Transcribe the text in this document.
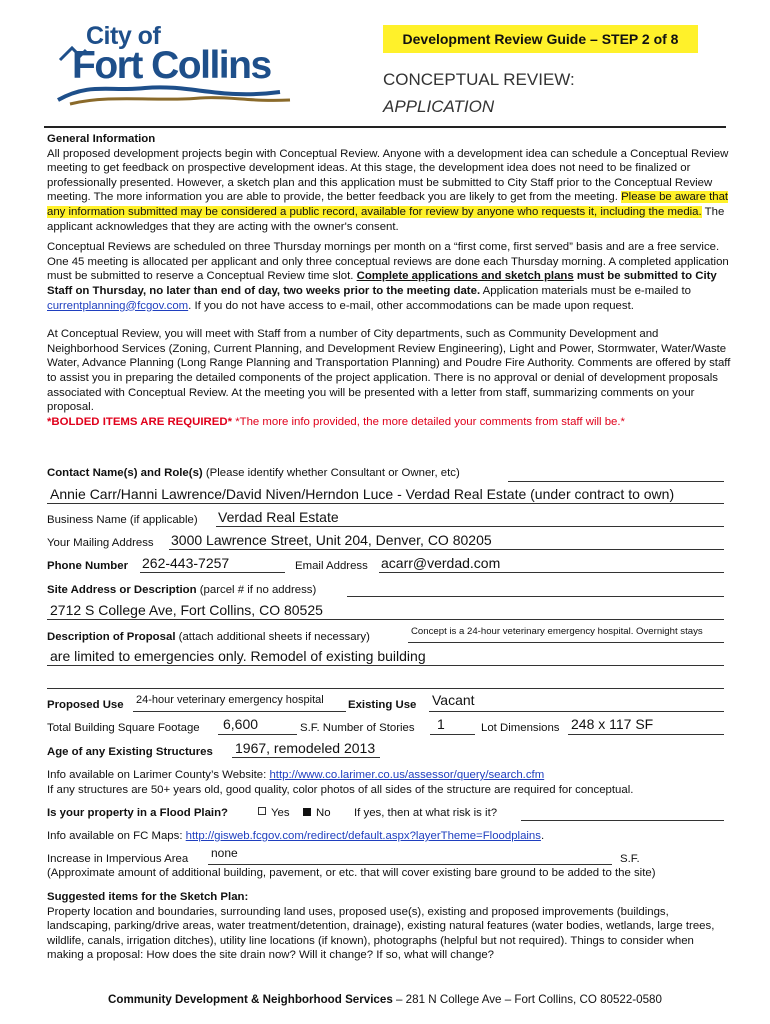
City of
Fort Collins
Development Review Guide – STEP 2 of 8
CONCEPTUAL REVIEW:
APPLICATION

General Information

All proposed development projects begin with Conceptual Review. Anyone with a development idea can schedule a Conceptual Review meeting to get feedback on prospective development ideas. At this stage, the development idea does not need to be finalized or professionally presented. However, a sketch plan and this application must be submitted to City Staff prior to the Conceptual Review meeting. The more information you are able to provide, the better feedback you are likely to get from the meeting. Please be aware that any information submitted may be considered a public record, available for review by anyone who requests it, including the media. The applicant acknowledges that they are acting with the owner's consent.

Conceptual Reviews are scheduled on three Thursday mornings per month on a “first come, first served” basis and are a free service. One 45 meeting is allocated per applicant and only three conceptual reviews are done each Thursday morning. A completed application must be submitted to reserve a Conceptual Review time slot. Complete applications and sketch plans must be submitted to City Staff on Thursday, no later than end of day, two weeks prior to the meeting date. Application materials must be e-mailed to currentplanning@fcgov.com. If you do not have access to e-mail, other accommodations can be made upon request.

At Conceptual Review, you will meet with Staff from a number of City departments, such as Community Development and Neighborhood Services (Zoning, Current Planning, and Development Review Engineering), Light and Power, Stormwater, Water/Waste Water, Advance Planning (Long Range Planning and Transportation Planning) and Poudre Fire Authority. Comments are offered by staff to assist you in preparing the detailed components of the project application. There is no approval or denial of development proposals associated with Conceptual Review. At the meeting you will be presented with a letter from staff, summarizing comments on your proposal.

*BOLDED ITEMS ARE REQUIRED* *The more info provided, the more detailed your comments from staff will be.*

Contact Name(s) and Role(s) (Please identify whether Consultant or Owner, etc)
Annie Carr/Hanni Lawrence/David Niven/Herndon Luce - Verdad Real Estate (under contract to own)
Business Name (if applicable) Verdad Real Estate
Your Mailing Address 3000 Lawrence Street, Unit 204, Denver, CO 80205
Phone Number 262-443-7257	Email Address acarr@verdad.com
Site Address or Description (parcel # if no address)
2712 S College Ave, Fort Collins, CO 80525
Description of Proposal (attach additional sheets if necessary)	Concept is a 24-hour veterinary emergency hospital. Overnight stays
are limited to emergencies only. Remodel of existing building
Proposed Use 24-hour veterinary emergency hospital Existing Use Vacant
Total Building Square Footage 6,600	S.F. Number of Stories 1	Lot Dimensions 248 x 117 SF
Age of any Existing Structures 1967, remodeled 2013
Info available on Larimer County’s Website: http://www.co.larimer.co.us/assessor/query/search.cfm
If any structures are 50+ years old, good quality, color photos of all sides of the structure are required for conceptual.
Is your property in a Flood Plain?	Yes	No If yes, then at what risk is it?
Info available on FC Maps: http://gisweb.fcgov.com/redirect/default.aspx?layerTheme=Floodplains.
Increase in Impervious Area none	S.F.
(Approximate amount of additional building, pavement, or etc. that will cover existing bare ground to be added to the site)

Suggested items for the Sketch Plan:

Property location and boundaries, surrounding land uses, proposed use(s), existing and proposed improvements (buildings, landscaping, parking/drive areas, water treatment/detention, drainage), existing natural features (water bodies, wetlands, large trees, wildlife, canals, irrigation ditches), utility line locations (if known), photographs (helpful but not required). Things to consider when making a proposal: How does the site drain now? Will it change? If so, what will change?

Community Development & Neighborhood Services – 281 N College Ave – Fort Collins, CO 80522-0580
